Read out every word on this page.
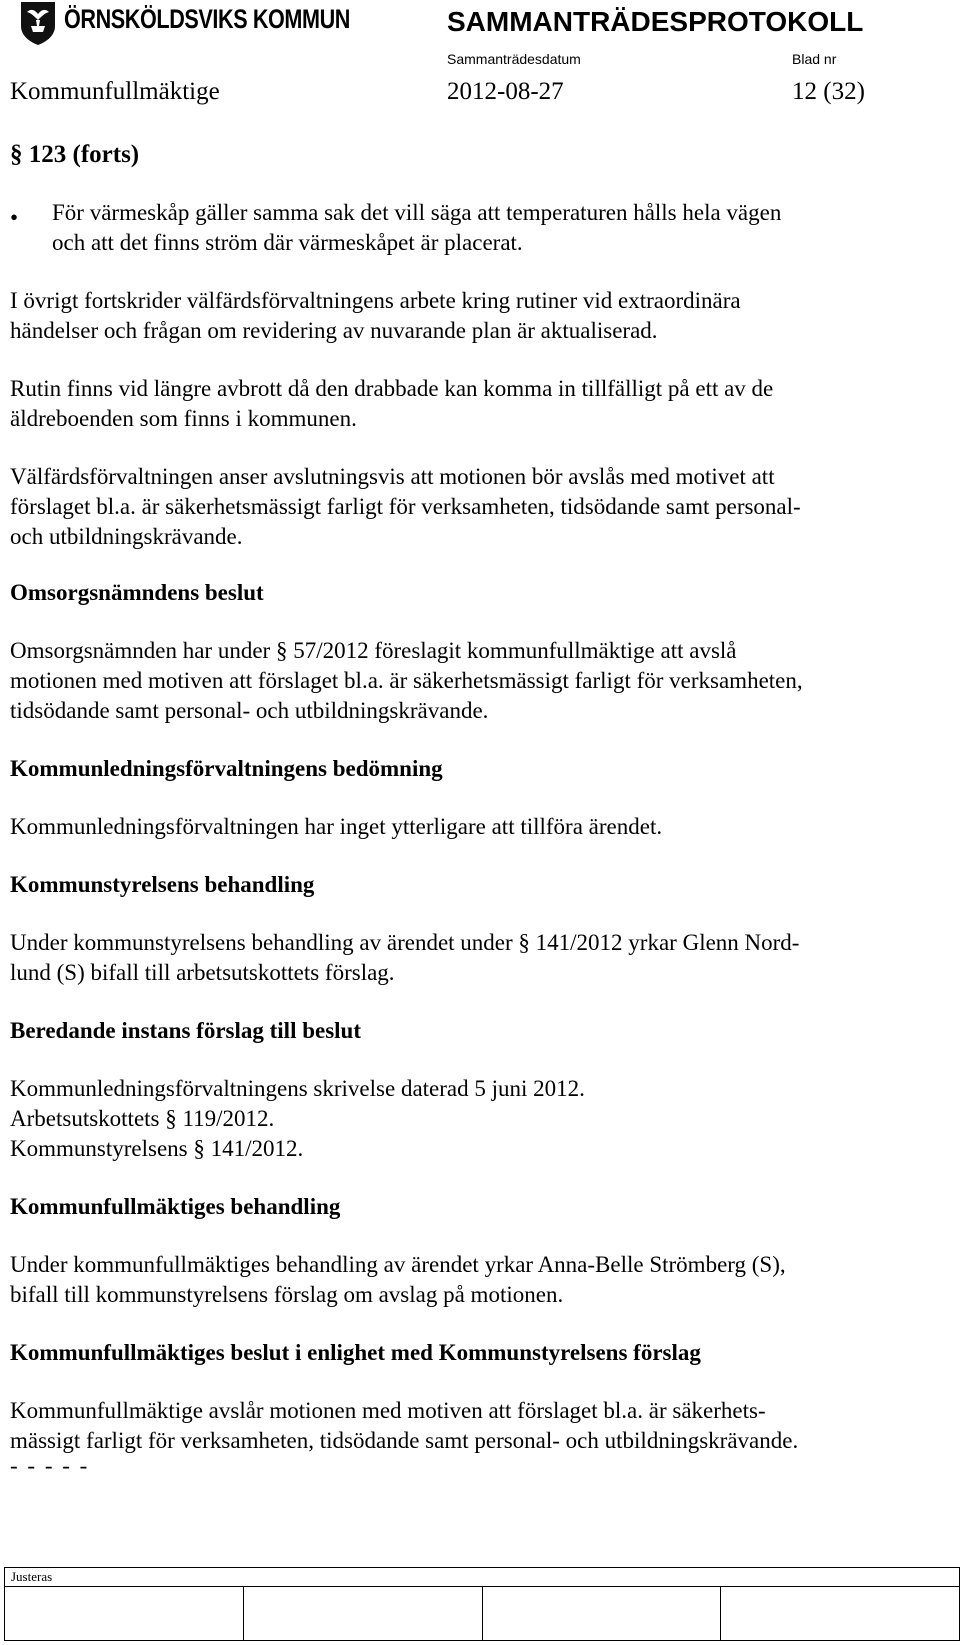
ÖRNSKÖLDSVIKS KOMMUN	SAMMANTRÄDESPROTOKOLL
Sammanträdesdatum	Blad nr
Kommunfullmäktige	2012-08-27	12 (32)
§ 123 (forts)
• För värmeskåp gäller samma sak det vill säga att temperaturen hålls hela vägen
och att det finns ström där värmeskåpet är placerat.
I övrigt fortskrider välfärdsförvaltningens arbete kring rutiner vid extraordinära
händelser och frågan om revidering av nuvarande plan är aktualiserad.
Rutin finns vid längre avbrott då den drabbade kan komma in tillfälligt på ett av de
äldreboenden som finns i kommunen.
Välfärdsförvaltningen anser avslutningsvis att motionen bör avslås med motivet att
förslaget bl.a. är säkerhetsmässigt farligt för verksamheten, tidsödande samt personal-
och utbildningskrävande.
Omsorgsnämndens beslut
Omsorgsnämnden har under § 57/2012 föreslagit kommunfullmäktige att avslå
motionen med motiven att förslaget bl.a. är säkerhetsmässigt farligt för verksamheten,
tidsödande samt personal- och utbildningskrävande.
Kommunledningsförvaltningens bedömning
Kommunledningsförvaltningen har inget ytterligare att tillföra ärendet.
Kommunstyrelsens behandling
Under kommunstyrelsens behandling av ärendet under § 141/2012 yrkar Glenn Nord-
lund (S) bifall till arbetsutskottets förslag.
Beredande instans förslag till beslut
Kommunledningsförvaltningens skrivelse daterad 5 juni 2012.
Arbetsutskottets § 119/2012.
Kommunstyrelsens § 141/2012.
Kommunfullmäktiges behandling
Under kommunfullmäktiges behandling av ärendet yrkar Anna-Belle Strömberg (S),
bifall till kommunstyrelsens förslag om avslag på motionen.
Kommunfullmäktiges beslut i enlighet med Kommunstyrelsens förslag
Kommunfullmäktige avslår motionen med motiven att förslaget bl.a. är säkerhets-
mässigt farligt för verksamheten, tidsödande samt personal- och utbildningskrävande.
- - - - -
Justeras
